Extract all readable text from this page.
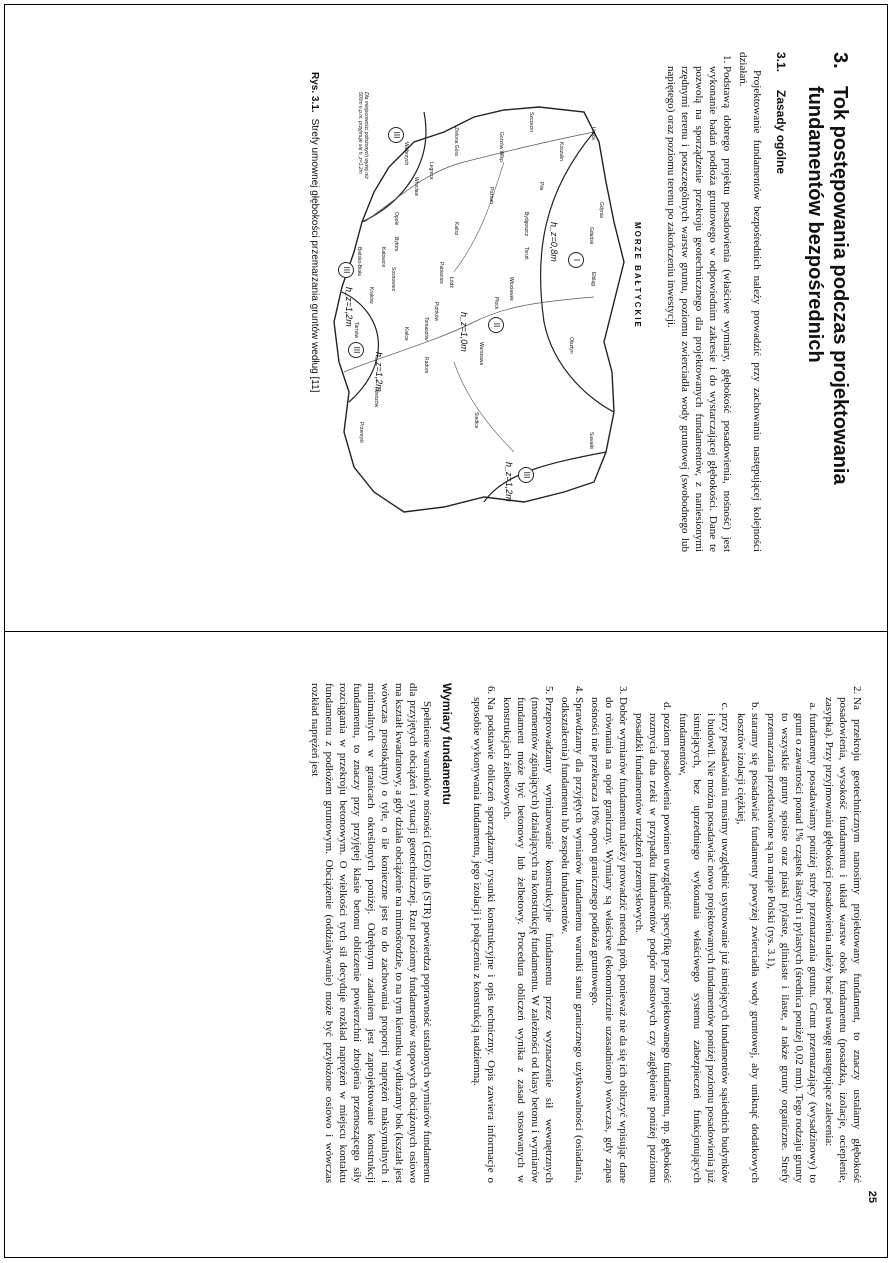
3.
Tok postępowania podczas projektowania fundamentów bezpośrednich
3.1.
Zasady ogólne

Projektowanie fundamentów bezpośrednich należy prowadzić przy zachowaniu następującej kolejności działań.

1. Podstawą dobrego projektu posadowienia (właściwe wymiary, głębokość posadowienia, nośność) jest wykonanie badań podłoża gruntowego w odpowiednim zakresie i do wystarczającej głębokości. Dane te pozwolą na sporządzenie przekroju geotechnicznego dla projektowanych fundamentów, z naniesionymi rzędnymi terenu i poszczególnych warstw gruntu, poziomu zwierciadła wody gruntowej (swobodnego lub napiętego) oraz poziomu terenu po zakończeniu inwestycji.
MORZE BAŁTYCKIE
I
II
III
III
III
III
h_z=0,8m
h_z=1,0m
h_z=1,2m
h_z=1,2m
h_z=1,2m
Ustka
Gdynia
Gdańsk
Elbląg
Olsztyn
Suwałki
Koszalin
Szczecin
Gorzów Wlkp.
Piła
Bydgoszcz
Toruń
Włocławek
Poznań
Zielona Góra
Wałbrzych
Opole
Łódź
Płock
Warszawa
Siedlce
Radom
Kielce
Kraków
Rzeszów
Przemyśl
Katowice
Bielsko-Biała
Tarnów
Sosnowiec
Bytom
Piotrków
Kalisz
Legnica
Wrocław
Tomaszów
Pabianice
Dla miejscowości położonych wyżej niż 500m n.p.m. przyjmuje się h_z=1,2m
Rys. 3.1.Strefy umownej głębokości przemarzania gruntów według [11]
25
2. Na przekroju geotechnicznym nanosimy projektowany fundament, to znaczy ustalamy głębokość posadowienia, wysokość fundamentu i układ warstw obok fundamentu (posadzka, izolacje, ocieplenie, zasypka). Przy przyjmowaniu głębokości posadowienia należy brać pod uwagę następujące zalecenia:
a. fundamenty posadawiamy poniżej strefy przemarzania gruntu. Grunt przemarzający (wysadzinowy) to grunt o zawartości ponad 1% cząstek iłastych i pylastych (średnica poniżej 0,02 mm). Tego rodzaju grunty to wszystkie grunty spoiste oraz piaski pylaste, gliniaste i ilaste, a także grunty organiczne. Strefy przemarzania przedstawione są na mapie Polski (rys. 3.1),
b. staramy się posadawiać fundamenty powyżej zwierciadła wody gruntowej, aby uniknąć dodatkowych kosztów izolacji ciężkiej,
c. przy posadawianiu musimy uwzględnić usytuowanie już istniejących fundamentów sąsiednich budynków i budowli. Nie można posadawiać nowo projektowanych fundamentów poniżej poziomu posadowienia już istniejących, bez uprzedniego wykonania właściwego systemu zabezpieczeń funkcjonujących fundamentów,
d. poziom posadowienia powinien uwzględnić specyfikę pracy projektowanego fundamentu, np. głębokość rozmycia dna rzeki w przypadku fundamentów podpór mostowych czy zagłębienie poniżej poziomu posadzki fundamentów urządzeń przemysłowych.
3. Dobór wymiarów fundamentu należy prowadzić metodą prób, ponieważ nie da się ich obliczyć wpisując dane do równania na opór graniczny. Wymiary są właściwe (ekonomicznie uzasadnione) wówczas, gdy zapas nośności nie przekracza 10% oporu granicznego podłoża gruntowego.
4. Sprawdzamy dla przyjętych wymiarów fundamentu warunki stanu granicznego użytkowalności (osiadania, odkształcenia) fundamentu lub zespołu fundamentów.
5. Przeprowadzamy wymiarowanie konstrukcyjne fundamentu przez wyznaczenie sił wewnętrznych (momentów zginających) działających na konstrukcję fundamentu. W zależności od klasy betonu i wymiarów fundament może być betonowy lub żelbetowy. Procedura obliczeń wynika z zasad stosowanych w konstrukcjach żelbetowych.
6. Na podstawie obliczeń sporządzamy rysunki konstrukcyjne i opis techniczny. Opis zawiera informacje o sposobie wykonywania fundamentu, jego izolacji i połączeniu z konstrukcją nadziemną.
Wymiary fundamentu

Spełnienie warunków nośności (GEO) lub (STR) potwierdza poprawność ustalonych wymiarów fundamentu dla przyjętych obciążeń i sytuacji geotechnicznej. Rzut poziomy fundamentów stopowych obciążonych osiowo ma kształt kwadratowy, a gdy działa obciążenie na mimośrodzie, to na tym kierunku wydłużamy bok (kształt jest wówczas prostokątny) o tyle, o ile konieczne jest to do zachowania proporcji naprężeń maksymalnych i minimalnych w granicach określonych poniżej. Odrębnym zadaniem jest zaprojektowanie konstrukcji fundamentu, to znaczy przy przyjętej klasie betonu obliczenie powierzchni zbrojenia przenoszącego siły rozciągania w przekroju betonowym. O wielkości tych sił decyduje rozkład naprężeń w miejscu kontaktu fundamentu z podłożem gruntowym. Obciążenie (oddziaływanie) może być przyłożone osiowo i wówczas rozkład naprężeń jest
